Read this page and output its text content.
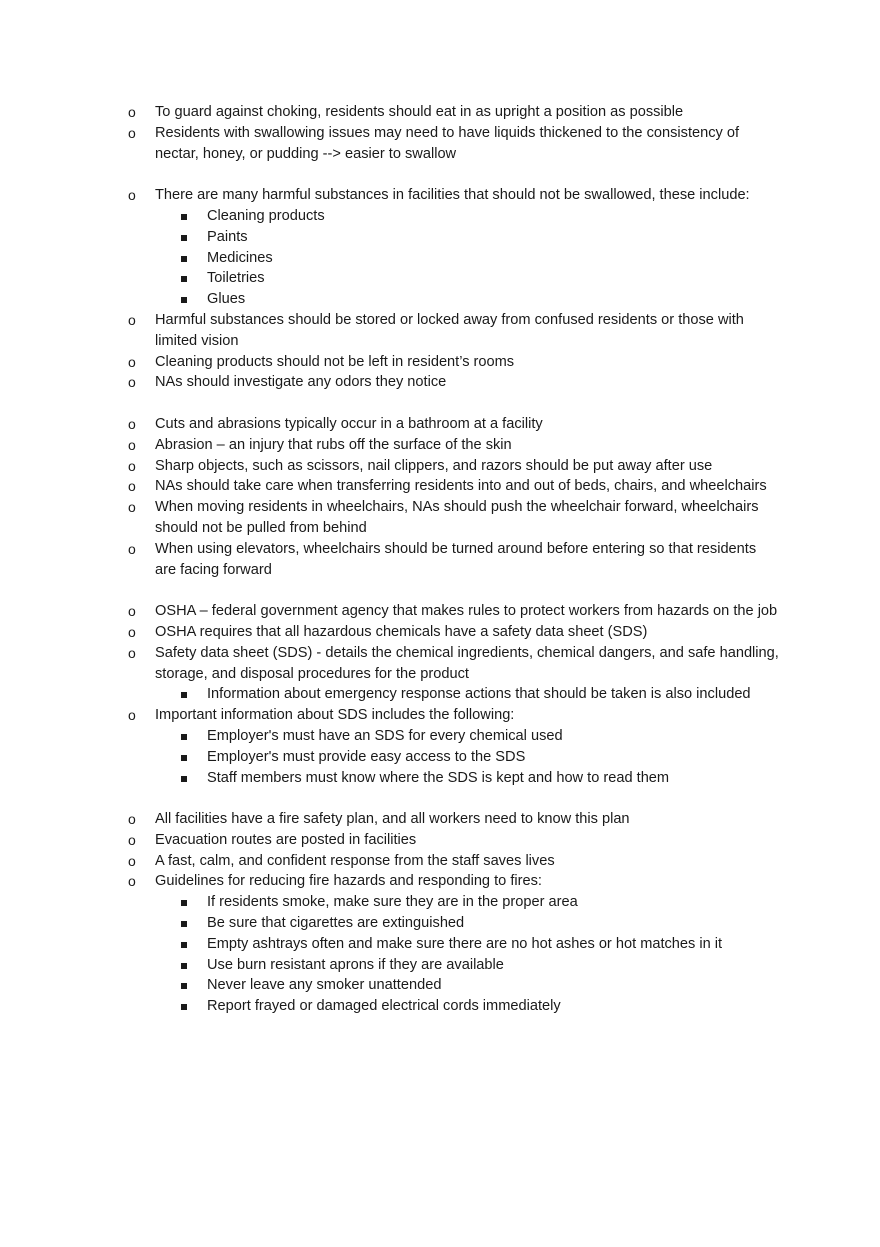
o	To guard against choking, residents should eat in as upright a position as possible
o	Residents with swallowing issues may need to have liquids thickened to the consistency of nectar, honey, or pudding --> easier to swallow
o	There are many harmful substances in facilities that should not be swallowed, these include:
Cleaning products
Paints
Medicines
Toiletries
Glues
o	Harmful substances should be stored or locked away from confused residents or those with limited vision
o	Cleaning products should not be left in resident’s rooms
o	NAs should investigate any odors they notice
o	Cuts and abrasions typically occur in a bathroom at a facility
o	Abrasion – an injury that rubs off the surface of the skin
o	Sharp objects, such as scissors, nail clippers, and razors should be put away after use
o	NAs should take care when transferring residents into and out of beds, chairs, and wheelchairs
o	When moving residents in wheelchairs, NAs should push the wheelchair forward, wheelchairs should not be pulled from behind
o	When using elevators, wheelchairs should be turned around before entering so that residents are facing forward
o	OSHA – federal government agency that makes rules to protect workers from hazards on the job
o	OSHA requires that all hazardous chemicals have a safety data sheet (SDS)
o	Safety data sheet (SDS) - details the chemical ingredients, chemical dangers, and safe handling, storage, and disposal procedures for the product
Information about emergency response actions that should be taken is also included
o	Important information about SDS includes the following:
Employer's must have an SDS for every chemical used
Employer's must provide easy access to the SDS
Staff members must know where the SDS is kept and how to read them
o	All facilities have a fire safety plan, and all workers need to know this plan
o	Evacuation routes are posted in facilities
o	A fast, calm, and confident response from the staff saves lives
o	Guidelines for reducing fire hazards and responding to fires:
If residents smoke, make sure they are in the proper area
Be sure that cigarettes are extinguished
Empty ashtrays often and make sure there are no hot ashes or hot matches in it
Use burn resistant aprons if they are available
Never leave any smoker unattended
Report frayed or damaged electrical cords immediately
